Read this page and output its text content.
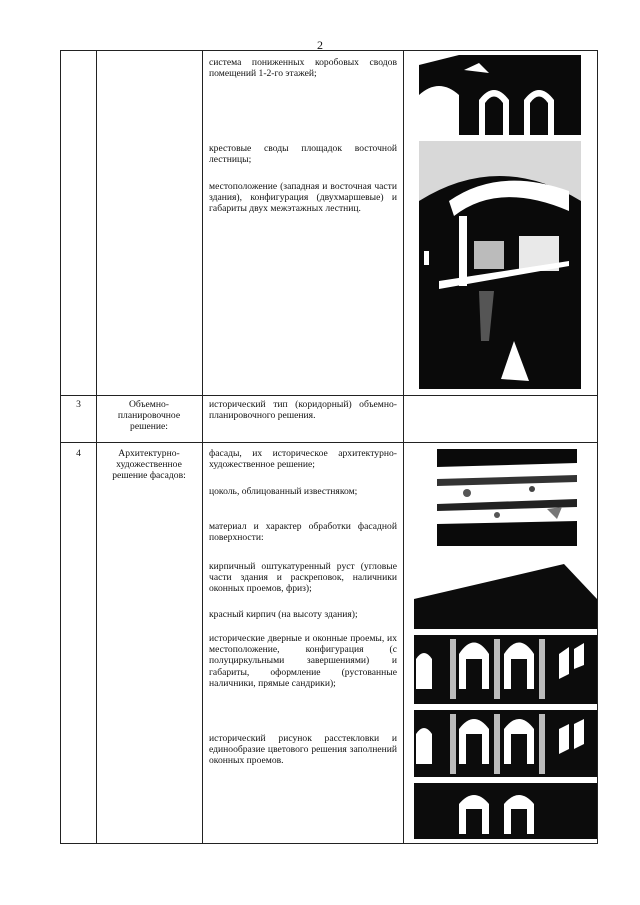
2
система пониженных коробовых сводов помещений 1-2-го этажей;
крестовые своды площадок восточной лестницы;
местоположение (западная и восточная части здания), конфигурация (двухмаршевые) и габариты двух межэтажных лестниц.
3	Объемно-планировочное решение:
исторический тип (коридорный) объемно-планировочного решения.
4	Архитектурно-художественное решение фасадов:
фасады, их историческое архитектурно-художественное решение;
цоколь, облицованный известняком;
материал и характер обработки фасадной поверхности:
кирпичный оштукатуренный руст (угловые части здания и раскреповок, наличники оконных проемов, фриз);
красный кирпич (на высоту здания);
исторические дверные и оконные проемы, их местоположение, конфигурация (с полуциркульными завершениями) и габариты, оформление (рустованные наличники, прямые сандрики);
исторический рисунок расстекловки и единообразие цветового решения заполнений оконных проемов.
